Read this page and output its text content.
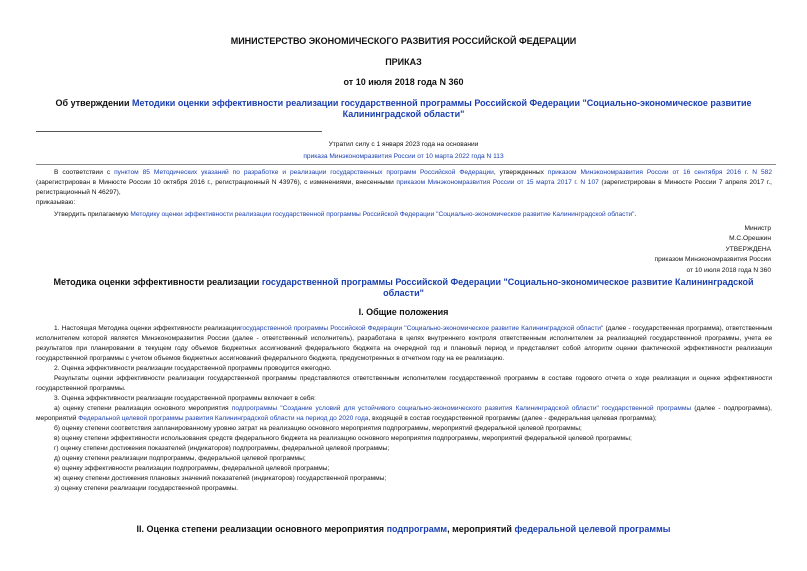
МИНИСТЕРСТВО ЭКОНОМИЧЕСКОГО РАЗВИТИЯ РОССИЙСКОЙ ФЕДЕРАЦИИ
ПРИКАЗ
от 10 июля 2018 года N 360
Об утверждении Методики оценки эффективности реализации государственной программы Российской Федерации "Социально-экономическое развитие
Калининградской области"

Утратил силу с 1 января 2023 года на основании

приказа Минэкономразвития России от 10 марта 2022 года N 113

В соответствии с пунктом 85 Методических указаний по разработке и реализации государственных программ Российской Федерации, утвержденных приказом Минэкономразвития России от 16 сентября 2016 г. N 582 (зарегистрирован в Минюсте России 10 октября 2016 г., регистрационный N 43976), с изменениями, внесенными приказом Минэкономразвития России от 15 марта 2017 г. N 107 (зарегистрирован в Минюсте России 7 апреля 2017 г., регистрационный N 46297),

приказываю:

Утвердить прилагаемую Методику оценки эффективности реализации государственной программы Российской Федерации "Социально-экономическое развитие Калининградской области".

Министр

М.С.Орешкин

УТВЕРЖДЕНА

приказом Минэкономразвития России

от 10 июля 2018 года N 360

Методика оценки эффективности реализации государственной программы Российской Федерации "Социально-экономическое развитие Калининградской
области"
I. Общие положения

1. Настоящая Методика оценки эффективности реализациигосударственной программы Российской Федерации "Социально-экономическое развитие Калининградской области" (далее - государственная программа), ответственным исполнителем которой является Минэкономразвития России (далее - ответственный исполнитель), разработана в целях внутреннего контроля ответственным исполнителем за реализацией государственной программы, учета ее результатов при планировании в текущем году объемов бюджетных ассигнований федерального бюджета на очередной год и плановый период и представляет собой алгоритм оценки фактической эффективности реализации государственной программы с учетом объемов бюджетных ассигнований федерального бюджета, предусмотренных в отчетном году на ее реализацию.

2. Оценка эффективности реализации государственной программы проводится ежегодно.

Результаты оценки эффективности реализации государственной программы представляются ответственным исполнителем государственной программы в составе годового отчета о ходе реализации и оценке эффективности государственной программы.

3. Оценка эффективности реализации государственной программы включает в себя:

а) оценку степени реализации основного мероприятия подпрограммы "Создание условий для устойчивого социально-экономического развития Калининградской области" государственной программы (далее - подпрограмма), мероприятий Федеральной целевой программы развития Калининградской области на период до 2020 года, входящей в состав государственной программы (далее - федеральная целевая программа);

б) оценку степени соответствия запланированному уровню затрат на реализацию основного мероприятия подпрограммы, мероприятий федеральной целевой программы;

в) оценку степени эффективности использования средств федерального бюджета на реализацию основного мероприятия подпрограммы, мероприятий федеральной целевой программы;

г) оценку степени достижения показателей (индикаторов) подпрограммы, федеральной целевой программы;

д) оценку степени реализации подпрограммы, федеральной целевой программы;

е) оценку эффективности реализации подпрограммы, федеральной целевой программы;

ж) оценку степени достижения плановых значений показателей (индикаторов) государственной программы;

з) оценку степени реализации государственной программы.

II. Оценка степени реализации основного мероприятия подпрограмм, мероприятий федеральной целевой программы
